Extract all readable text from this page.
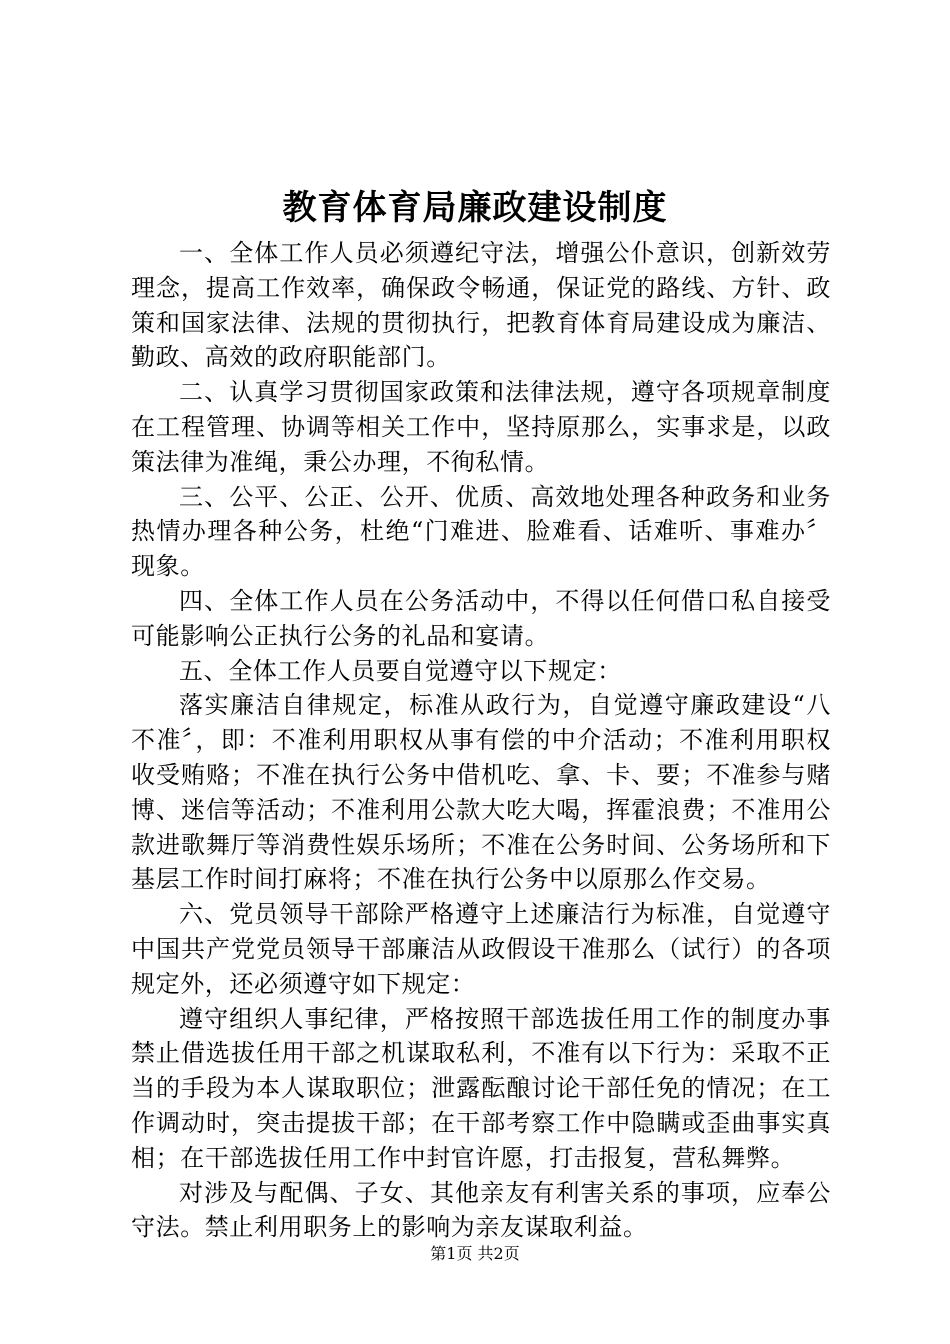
教育体育局廉政建设制度

一、全体工作人员必须遵纪守法，增强公仆意识，创新效劳理念，提高工作效率，确保政令畅通，保证党的路线、方针、政策和国家法律、法规的贯彻执行，把教育体育局建设成为廉洁、勤政、高效的政府职能部门。

二、认真学习贯彻国家政策和法律法规，遵守各项规章制度在工程管理、协调等相关工作中，坚持原那么，实事求是，以政策法律为准绳，秉公办理，不徇私情。

三、公平、公正、公开、优质、高效地处理各种政务和业务热情办理各种公务，杜绝“门难进、脸难看、话难听、事难办〞现象。

四、全体工作人员在公务活动中，不得以任何借口私自接受可能影响公正执行公务的礼品和宴请。

五、全体工作人员要自觉遵守以下规定：

落实廉洁自律规定，标准从政行为，自觉遵守廉政建设“八不准〞，即：不准利用职权从事有偿的中介活动；不准利用职权收受贿赂；不准在执行公务中借机吃、拿、卡、要；不准参与赌博、迷信等活动；不准利用公款大吃大喝，挥霍浪费；不准用公款进歌舞厅等消费性娱乐场所；不准在公务时间、公务场所和下基层工作时间打麻将；不准在执行公务中以原那么作交易。

六、党员领导干部除严格遵守上述廉洁行为标准，自觉遵守中国共产党党员领导干部廉洁从政假设干准那么（试行）的各项规定外，还必须遵守如下规定：

遵守组织人事纪律，严格按照干部选拔任用工作的制度办事禁止借选拔任用干部之机谋取私利，不准有以下行为：采取不正当的手段为本人谋取职位；泄露酝酿讨论干部任免的情况；在工作调动时，突击提拔干部；在干部考察工作中隐瞒或歪曲事实真相；在干部选拔任用工作中封官许愿，打击报复，营私舞弊。

对涉及与配偶、子女、其他亲友有利害关系的事项，应奉公守法。禁止利用职务上的影响为亲友谋取利益。

第1页 共2页
